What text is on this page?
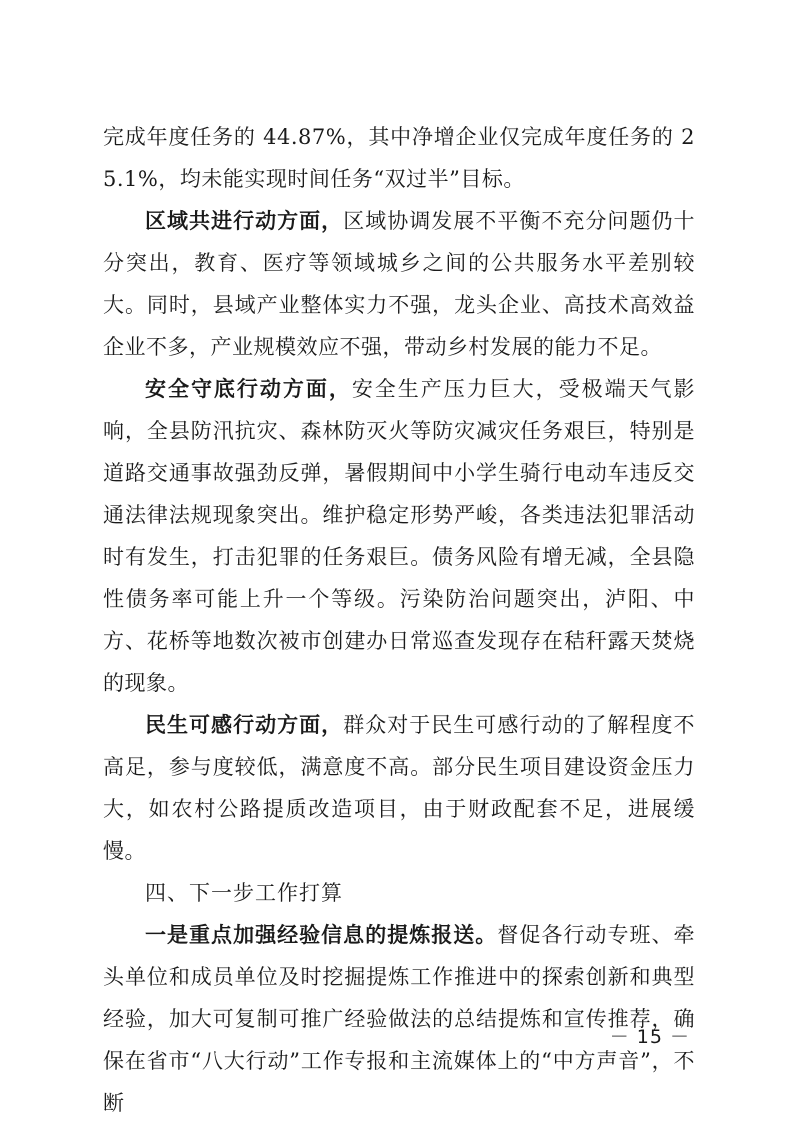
完成年度任务的 44.87%，其中净增企业仅完成年度任务的 25.1%，均未能实现时间任务“双过半”目标。

区域共进行动方面，区域协调发展不平衡不充分问题仍十分突出，教育、医疗等领域城乡之间的公共服务水平差别较大。同时，县域产业整体实力不强，龙头企业、高技术高效益企业不多，产业规模效应不强，带动乡村发展的能力不足。

安全守底行动方面，安全生产压力巨大，受极端天气影响，全县防汛抗灾、森林防灭火等防灾减灾任务艰巨，特别是道路交通事故强劲反弹，暑假期间中小学生骑行电动车违反交通法律法规现象突出。维护稳定形势严峻，各类违法犯罪活动时有发生，打击犯罪的任务艰巨。债务风险有增无减，全县隐性债务率可能上升一个等级。污染防治问题突出，泸阳、中方、花桥等地数次被市创建办日常巡查发现存在秸秆露天焚烧的现象。

民生可感行动方面，群众对于民生可感行动的了解程度不高足，参与度较低，满意度不高。部分民生项目建设资金压力大，如农村公路提质改造项目，由于财政配套不足，进展缓慢。

四、下一步工作打算

一是重点加强经验信息的提炼报送。督促各行动专班、牵头单位和成员单位及时挖掘提炼工作推进中的探索创新和典型经验，加大可复制可推广经验做法的总结提炼和宣传推荐，确保在省市“八大行动”工作专报和主流媒体上的“中方声音”，不断

－ 15 －
